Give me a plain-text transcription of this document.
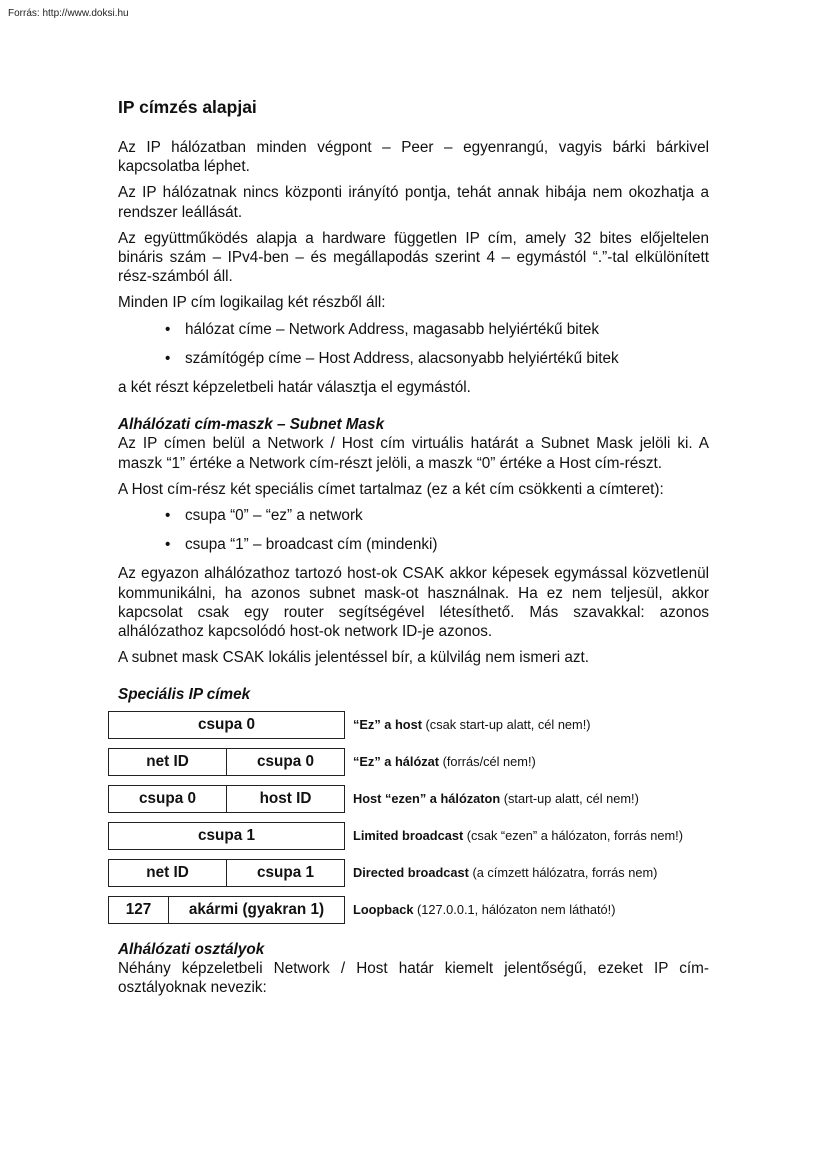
Forrás: http://www.doksi.hu
IP címzés alapjai

Az IP hálózatban minden végpont – Peer – egyenrangú, vagyis bárki bárkivel kapcsolatba léphet.

Az IP hálózatnak nincs központi irányító pontja, tehát annak hibája nem okozhatja a rendszer leállását.

Az együttműködés alapja a hardware független IP cím, amely 32 bites előjeltelen bináris szám – IPv4-ben – és megállapodás szerint 4 – egymástól “.”-tal elkülönített rész-számból áll.

Minden IP cím logikailag két részből áll:

• hálózat címe – Network Address, magasabb helyiértékű bitek
• számítógép címe – Host Address, alacsonyabb helyiértékű bitek

a két részt képzeletbeli határ választja el egymástól.

Alhálózati cím-maszk – Subnet Mask

Az IP címen belül a Network / Host cím virtuális határát a Subnet Mask jelöli ki. A maszk “1” értéke a Network cím-részt jelöli, a maszk “0” értéke a Host cím-részt.

A Host cím-rész két speciális címet tartalmaz (ez a két cím csökkenti a címteret):

• csupa “0” – “ez” a network
• csupa “1” – broadcast cím (mindenki)

Az egyazon alhálózathoz tartozó host-ok CSAK akkor képesek egymással közvetlenül kommunikálni, ha azonos subnet mask-ot használnak. Ha ez nem teljesül, akkor kapcsolat csak egy router segítségével létesíthető. Más szavakkal: azonos alhálózathoz kapcsolódó host-ok network ID-je azonos.

A subnet mask CSAK lokális jelentéssel bír, a külvilág nem ismeri azt.

Speciális IP címek
csupa 0	“Ez” a host (csak start-up alatt, cél nem!)
net ID	csupa 0	“Ez” a hálózat (forrás/cél nem!)
csupa 0	host ID	Host “ezen” a hálózaton (start-up alatt, cél nem!)
csupa 1	Limited broadcast (csak “ezen” a hálózaton, forrás nem!)
net ID	csupa 1	Directed broadcast (a címzett hálózatra, forrás nem)
127	akármi (gyakran 1)	Loopback (127.0.0.1, hálózaton nem látható!)
Alhálózati osztályok

Néhány képzeletbeli Network / Host határ kiemelt jelentőségű, ezeket IP cím-osztályoknak nevezik:
